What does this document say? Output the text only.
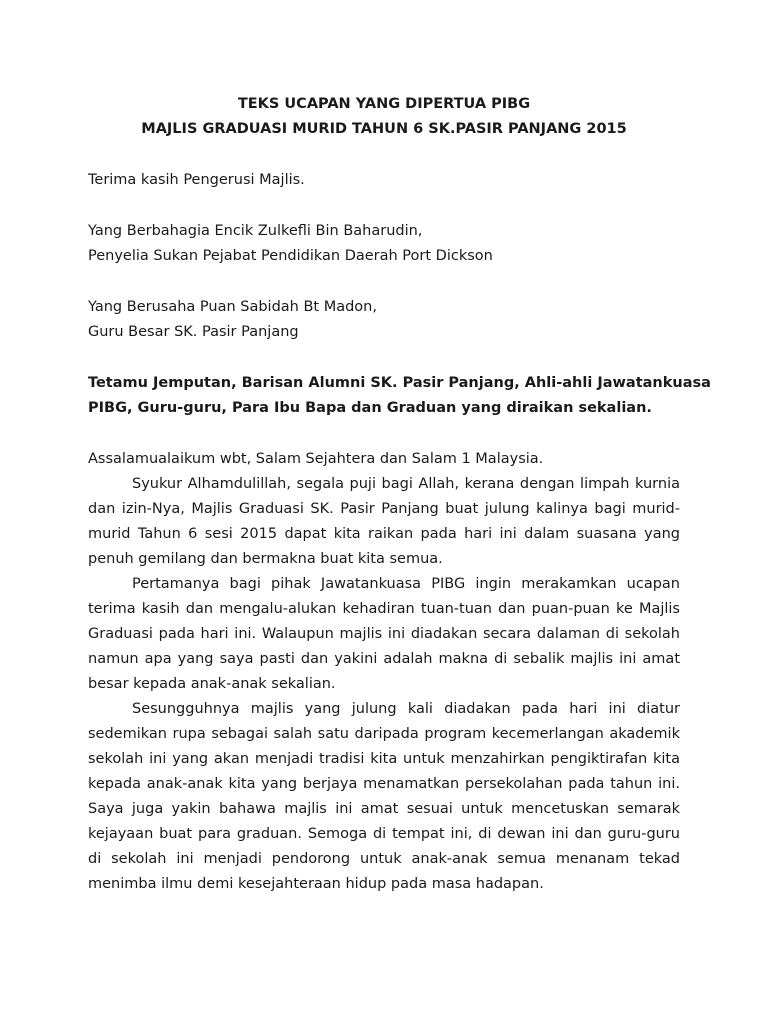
TEKS UCAPAN YANG DIPERTUA PIBG
MAJLIS GRADUASI MURID TAHUN 6 SK.PASIR PANJANG 2015
Terima kasih Pengerusi Majlis.
Yang Berbahagia Encik Zulkefli Bin Baharudin,
Penyelia Sukan Pejabat Pendidikan Daerah Port Dickson
Yang Berusaha Puan Sabidah Bt Madon,
Guru Besar SK. Pasir Panjang
Tetamu Jemputan, Barisan Alumni SK. Pasir Panjang, Ahli-ahli Jawatankuasa
PIBG, Guru-guru, Para Ibu Bapa dan Graduan yang diraikan sekalian.

Assalamualaikum wbt, Salam Sejahtera dan Salam 1 Malaysia.

Syukur Alhamdulillah, segala puji bagi Allah, kerana dengan limpah kurnia dan izin-Nya, Majlis Graduasi SK. Pasir Panjang buat julung kalinya bagi murid-murid Tahun 6 sesi 2015 dapat kita raikan pada hari ini dalam suasana yang penuh gemilang dan bermakna buat kita semua.

Pertamanya bagi pihak Jawatankuasa PIBG ingin merakamkan ucapan terima kasih dan mengalu-alukan kehadiran tuan-tuan dan puan-puan ke Majlis Graduasi pada hari ini. Walaupun majlis ini diadakan secara dalaman di sekolah namun apa yang saya pasti dan yakini adalah makna di sebalik majlis ini amat besar kepada anak-anak sekalian.

Sesungguhnya majlis yang julung kali diadakan pada hari ini diatur sedemikan rupa sebagai salah satu daripada program kecemerlangan akademik sekolah ini yang akan menjadi tradisi kita untuk menzahirkan pengiktirafan kita kepada anak-anak kita yang berjaya menamatkan persekolahan pada tahun ini. Saya juga yakin bahawa majlis ini amat sesuai untuk mencetuskan semarak kejayaan buat para graduan. Semoga di tempat ini, di dewan ini dan guru-guru di sekolah ini menjadi pendorong untuk anak-anak semua menanam tekad menimba ilmu demi kesejahteraan hidup pada masa hadapan.
